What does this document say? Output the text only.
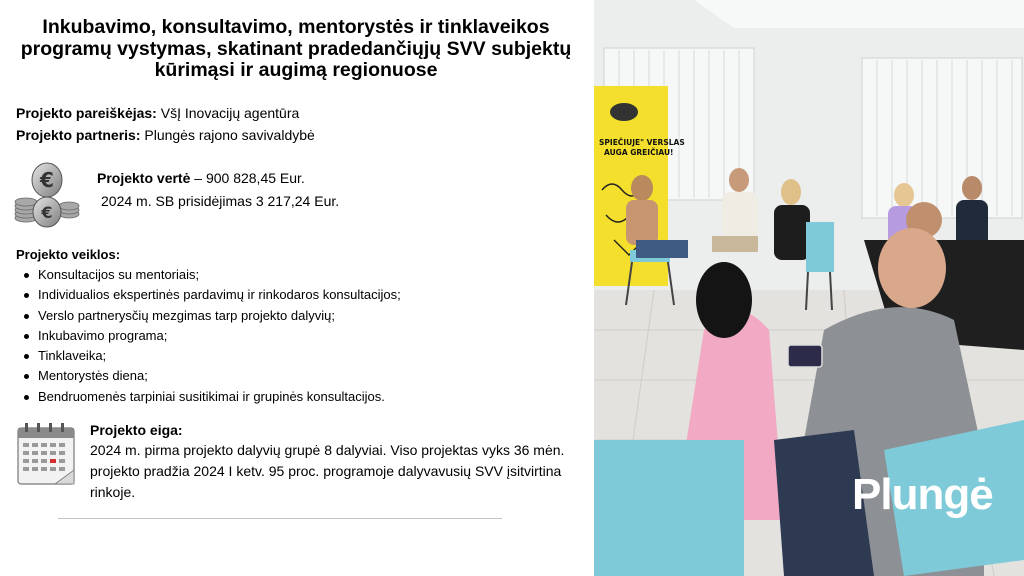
Inkubavimo, konsultavimo, mentorystės ir tinklaveikos programų vystymas, skatinant pradedančiųjų SVV subjektų kūrimąsi ir augimą regionuose
Projekto pareiškėjas: VšĮ Inovacijų agentūra
Projekto partneris: Plungės rajono savivaldybė
€
€
Projekto vertė – 900 828,45 Eur.
2024 m. SB prisidėjimas 3 217,24 Eur.
Projekto veiklos:
Konsultacijos su mentoriais;
Individualios ekspertinės pardavimų ir rinkodaros konsultacijos;
Verslo partnerysčių mezgimas tarp projekto dalyvių;
Inkubavimo programa;
Tinklaveika;
Mentorystės diena;
Bendruomenės tarpiniai susitikimai ir grupinės konsultacijos.
Projekto eiga:
2024 m. pirma projekto dalyvių grupė 8 dalyviai. Viso projektas vyks 36 mėn. projekto pradžia 2024 I ketv. 95 proc. programoje dalyvavusių SVV įsitvirtina rinkoje.
SPIEČIUJE" VERSLAS
AUGA GREIČIAU!
Plungė
